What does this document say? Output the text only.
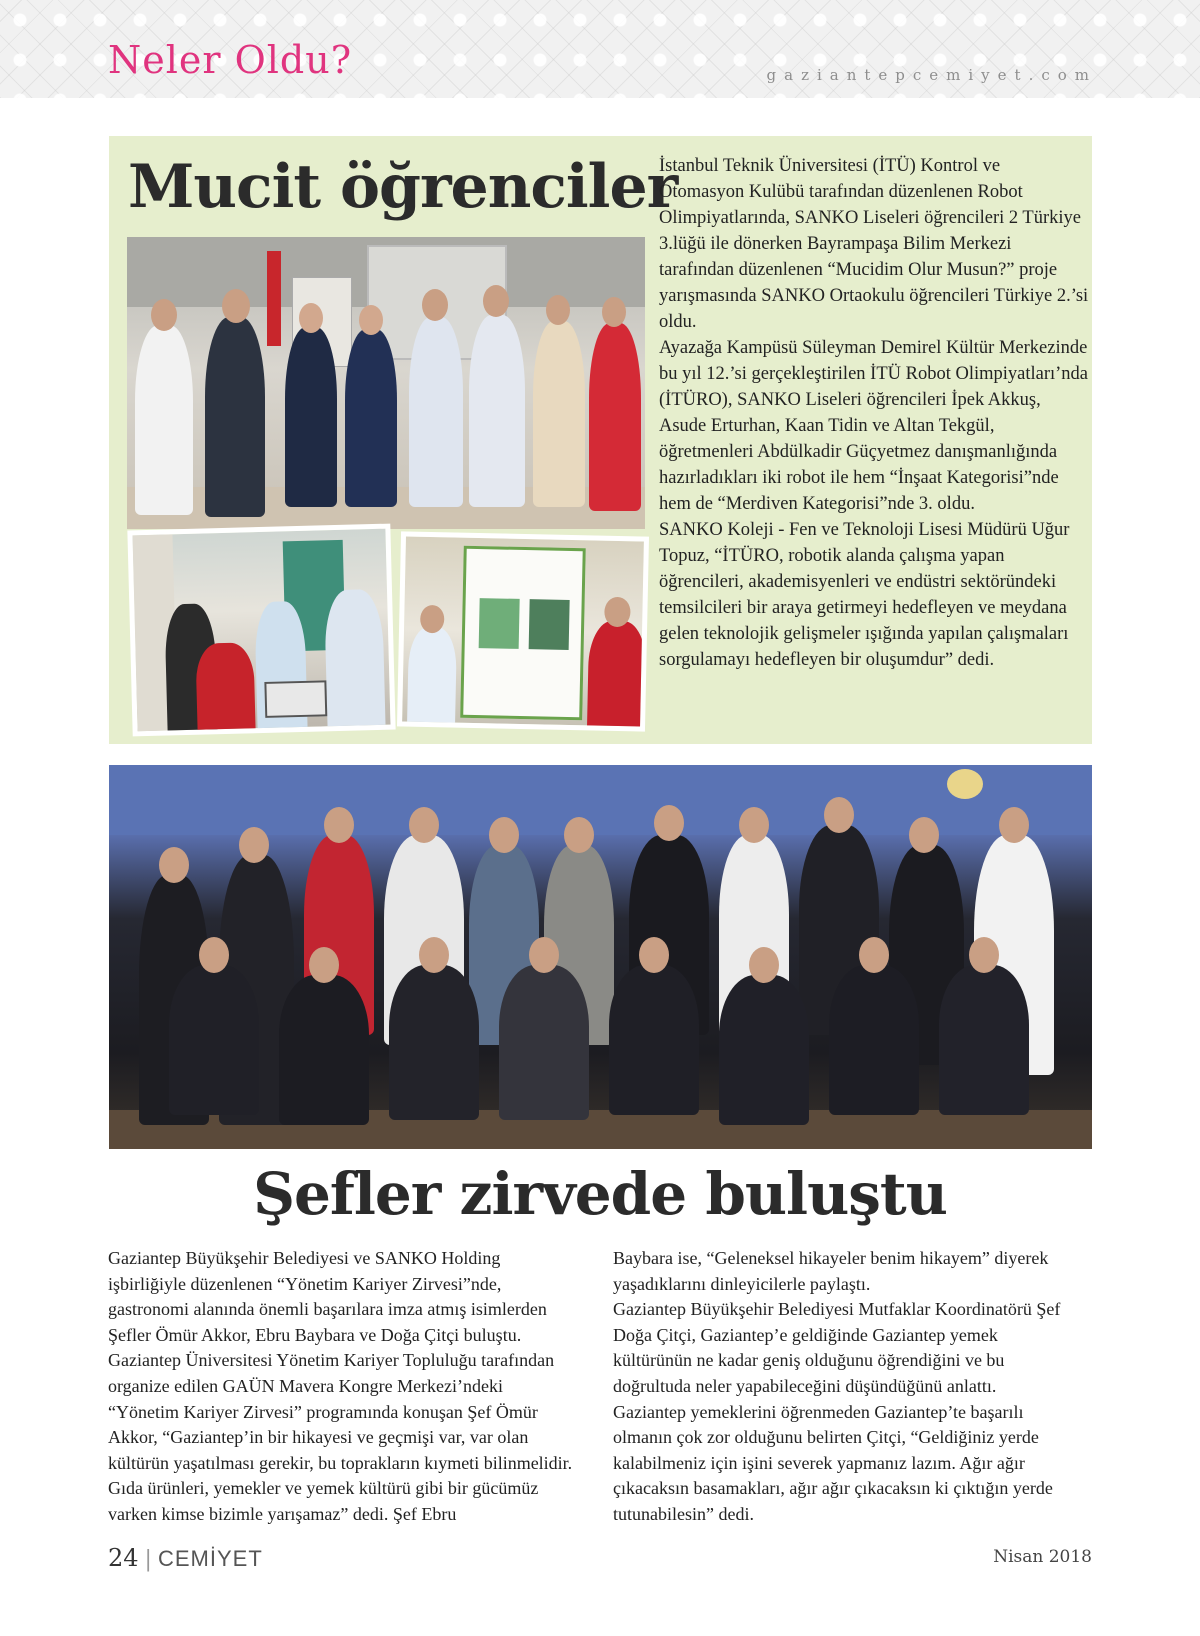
Neler Oldu?	gaziantepcemiyet.com
Mucit öğrenciler

İstanbul Teknik Üniversitesi (İTÜ) Kontrol ve Otomasyon Kulübü tarafından düzenlenen Robot Olimpiyatlarında, SANKO Liseleri öğrencileri 2 Türkiye 3.lüğü ile dönerken Bayrampaşa Bilim Merkezi tarafından düzenlenen “Mucidim Olur Musun?” proje yarışmasında SANKO Ortaokulu öğrencileri Türkiye 2.’si oldu.

Ayazağa Kampüsü Süleyman Demirel Kültür Merkezinde bu yıl 12.’si gerçekleştirilen İTÜ Robot Olimpiyatları’nda (İTÜRO), SANKO Liseleri öğrencileri İpek Akkuş, Asude Erturhan, Kaan Tidin ve Altan Tekgül, öğretmenleri Abdülkadir Güçyetmez danışmanlığında hazırladıkları iki robot ile hem “İnşaat Kategorisi”nde hem de “Merdiven Kategorisi”nde 3. oldu.

SANKO Koleji - Fen ve Teknoloji Lisesi Müdürü Uğur Topuz, “İTÜRO, robotik alanda çalışma yapan öğrencileri, akademisyenleri ve endüstri sektöründeki temsilcileri bir araya getirmeyi hedefleyen ve meydana gelen teknolojik gelişmeler ışığında yapılan çalışmaları sorgulamayı hedefleyen bir oluşumdur” dedi.

Şefler zirvede buluştu

Gaziantep Büyükşehir Belediyesi ve SANKO Holding işbirliğiyle düzenlenen “Yönetim Kariyer Zirvesi”nde, gastronomi alanında önemli başarılara imza atmış isimlerden Şefler Ömür Akkor, Ebru Baybara ve Doğa Çitçi buluştu.

Gaziantep Üniversitesi Yönetim Kariyer Topluluğu tarafından organize edilen GAÜN Mavera Kongre Merkezi’ndeki “Yönetim Kariyer Zirvesi” programında konuşan Şef Ömür Akkor, “Gaziantep’in bir hikayesi ve geçmişi var, var olan kültürün yaşatılması gerekir, bu toprakların kıymeti bilinmelidir. Gıda ürünleri, yemekler ve yemek kültürü gibi bir gücümüz varken kimse bizimle yarışamaz” dedi. Şef Ebru

Baybara ise, “Geleneksel hikayeler benim hikayem” diyerek yaşadıklarını dinleyicilerle paylaştı.

Gaziantep Büyükşehir Belediyesi Mutfaklar Koordinatörü Şef Doğa Çitçi, Gaziantep’e geldiğinde Gaziantep yemek kültürünün ne kadar geniş olduğunu öğrendiğini ve bu doğrultuda neler yapabileceğini düşündüğünü anlattı.

Gaziantep yemeklerini öğrenmeden Gaziantep’te başarılı olmanın çok zor olduğunu belirten Çitçi, “Geldiğiniz yerde kalabilmeniz için işini severek yapmanız lazım. Ağır ağır çıkacaksın basamakları, ağır ağır çıkacaksın ki çıktığın yerde tutunabilesin” dedi.

24 | CEMİYET	Nisan 2018
